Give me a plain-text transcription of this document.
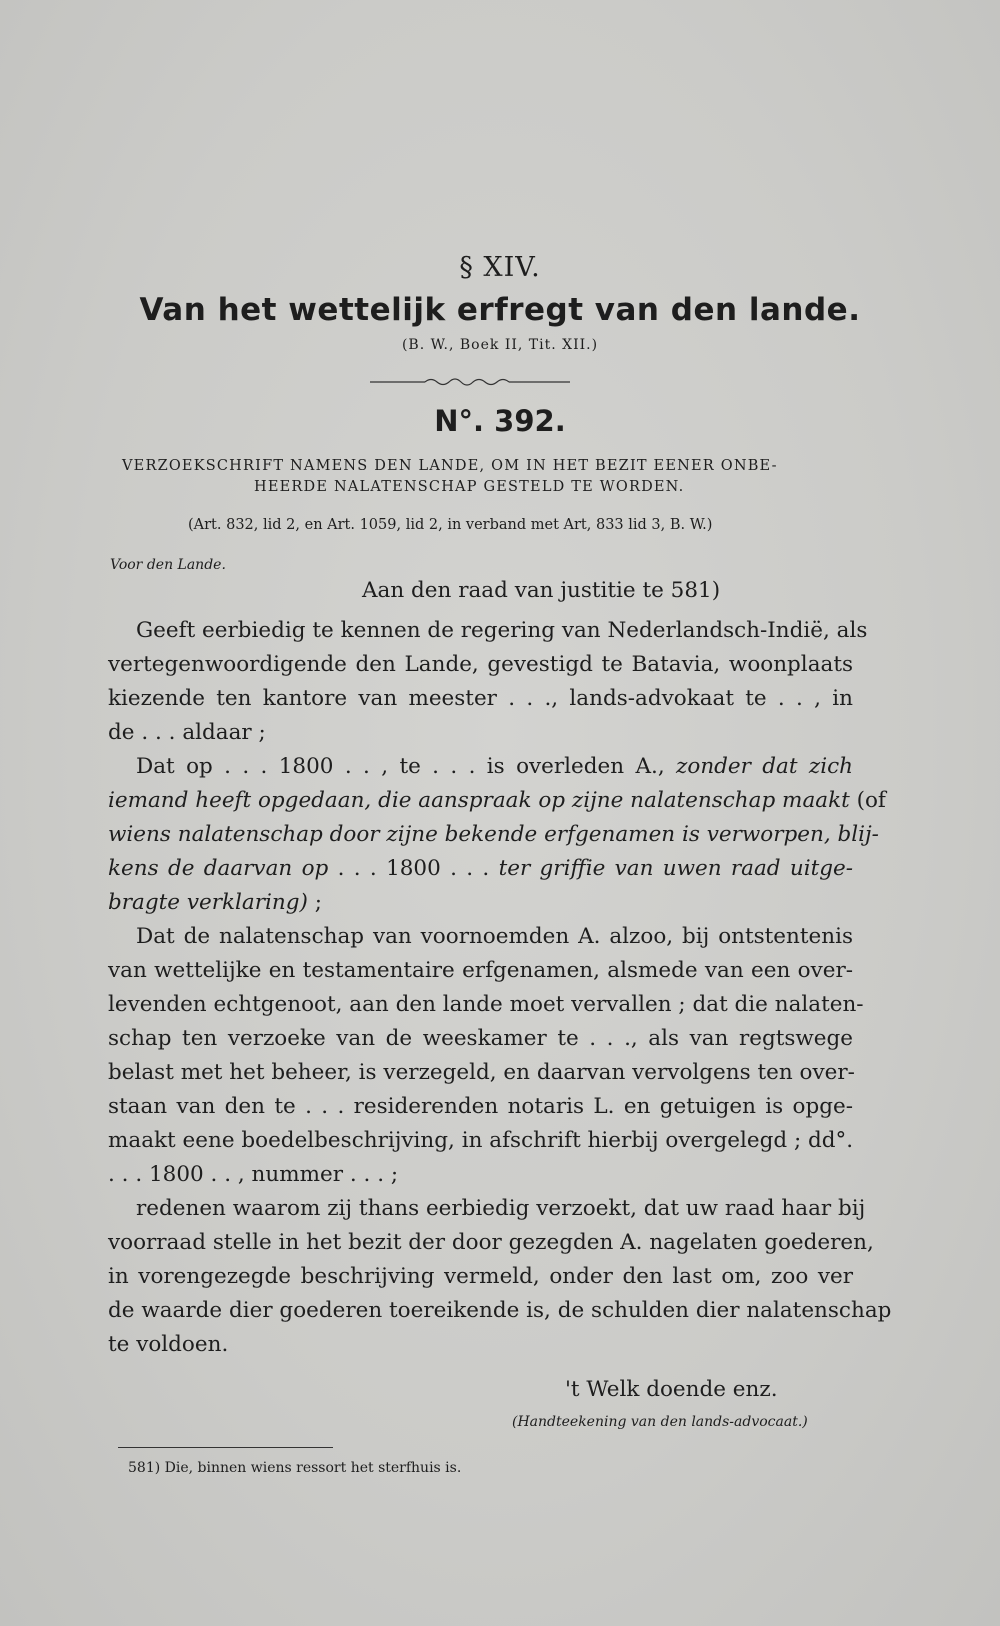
§ XIV.
Van het wettelijk erfregt van den lande.
(B. W., Boek II, Tit. XII.)
N°. 392.
VERZOEKSCHRIFT NAMENS DEN LANDE, OM IN HET BEZIT EENER ONBE-
HEERDE NALATENSCHAP GESTELD TE WORDEN.
(Art. 832, lid 2, en Art. 1059, lid 2, in verband met Art, 833 lid 3, B. W.)
Voor den Lande.
Aan den raad van justitie te 581)
Geeft eerbiedig te kennen de regering van Nederlandsch-Indië, als
vertegenwoordigende den Lande, gevestigd te Batavia, woonplaats
kiezende ten kantore van meester . . ., lands-advokaat te . . , in
de . . . aldaar ;
Dat op . . . 1800 . . , te . . . is overleden A., zonder dat zich
iemand heeft opgedaan, die aanspraak op zijne nalatenschap maakt (of
wiens nalatenschap door zijne bekende erfgenamen is verworpen, blij-
kens de daarvan op . . . 1800 . . . ter griffie van uwen raad uitge-
bragte verklaring) ;
Dat de nalatenschap van voornoemden A. alzoo, bij ontstentenis
van wettelijke en testamentaire erfgenamen, alsmede van een over-
levenden echtgenoot, aan den lande moet vervallen ; dat die nalaten-
schap ten verzoeke van de weeskamer te . . ., als van regtswege
belast met het beheer, is verzegeld, en daarvan vervolgens ten over-
staan van den te . . . residerenden notaris L. en getuigen is opge-
maakt eene boedelbeschrijving, in afschrift hierbij overgelegd ; dd°.
. . . 1800 . . , nummer . . . ;
redenen waarom zij thans eerbiedig verzoekt, dat uw raad haar bij
voorraad stelle in het bezit der door gezegden A. nagelaten goederen,
in vorengezegde beschrijving vermeld, onder den last om, zoo ver
de waarde dier goederen toereikende is, de schulden dier nalatenschap
te voldoen.
't Welk doende enz.
(Handteekening van den lands-advocaat.)
581) Die, binnen wiens ressort het sterfhuis is.
